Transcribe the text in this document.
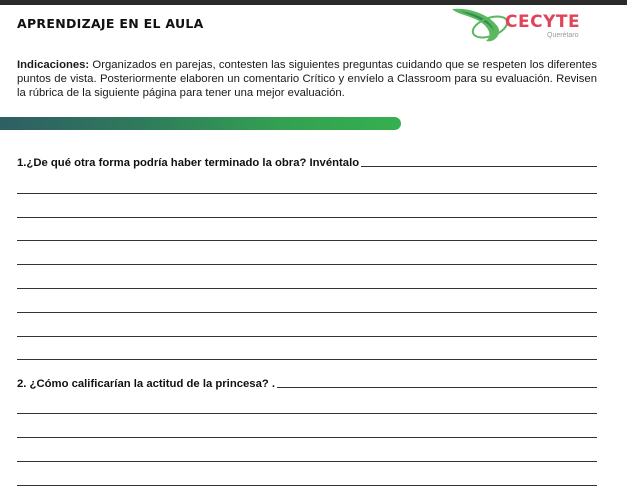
APRENDIZAJE EN EL AULA	CECYTE
Querétaro
Indicaciones: Organizados en parejas, contesten las siguientes preguntas cuidando que se respeten los diferentes puntos de vista. Posteriormente elaboren un comentario Crítico y envíelo a Classroom para su evaluación. Revisen la rúbrica de la siguiente página para tener una mejor evaluación.
1.¿De qué otra forma podría haber terminado la obra? Invéntalo
2. ¿Cómo calificarían la actitud de la princesa? .
